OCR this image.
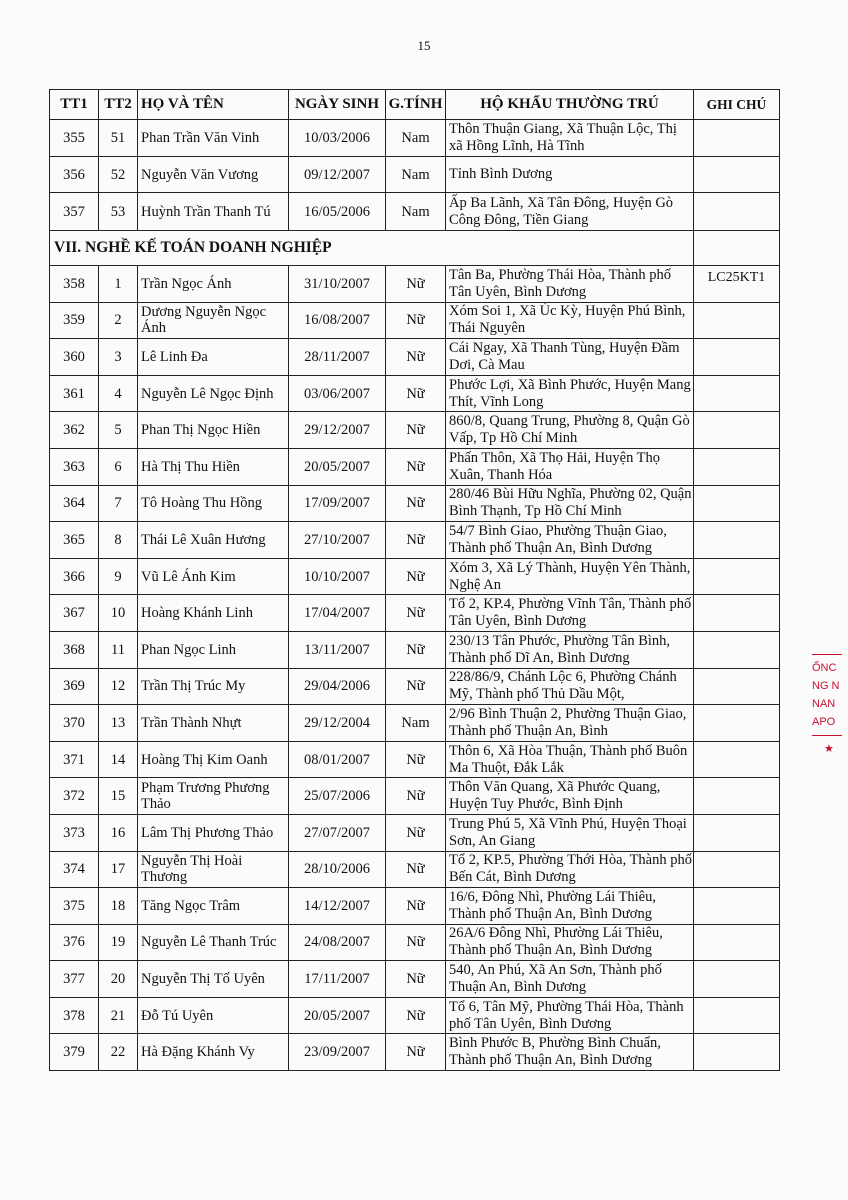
15
TT1	TT2	HỌ VÀ TÊN	NGÀY SINH	G.TÍNH	HỘ KHẨU THƯỜNG TRÚ	GHI CHÚ
355	51	Phan Trần Văn Vinh	10/03/2006	Nam	Thôn Thuận Giang, Xã Thuận Lộc, Thị xã Hồng Lĩnh, Hà Tĩnh	
356	52	Nguyễn Văn Vương	09/12/2007	Nam	Tỉnh Bình Dương	
357	53	Huỳnh Trần Thanh Tú	16/05/2006	Nam	Ấp Ba Lãnh, Xã Tân Đông, Huyện Gò Công Đông, Tiền Giang	
VII. NGHỀ KẾ TOÁN DOANH NGHIỆP						
358	1	Trần Ngọc Ánh	31/10/2007	Nữ	Tân Ba, Phường Thái Hòa, Thành phố Tân Uyên, Bình Dương	LC25KT1
359	2	Dương Nguyễn Ngọc Ánh	16/08/2007	Nữ	Xóm Soi 1, Xã Úc Kỳ, Huyện Phú Bình, Thái Nguyên	
360	3	Lê Linh Đa	28/11/2007	Nữ	Cái Ngay, Xã Thanh Tùng, Huyện Đầm Dơi, Cà Mau	
361	4	Nguyễn Lê Ngọc Định	03/06/2007	Nữ	Phước Lợi, Xã Bình Phước, Huyện Mang Thít, Vĩnh Long	
362	5	Phan Thị Ngọc Hiền	29/12/2007	Nữ	860/8, Quang Trung, Phường 8, Quận Gò Vấp, Tp Hồ Chí Minh	
363	6	Hà Thị Thu Hiền	20/05/2007	Nữ	Phấn Thôn, Xã Thọ Hải, Huyện Thọ Xuân, Thanh Hóa	
364	7	Tô Hoàng Thu Hồng	17/09/2007	Nữ	280/46 Bùi Hữu Nghĩa, Phường 02, Quận Bình Thạnh, Tp Hồ Chí Minh	
365	8	Thái Lê Xuân Hương	27/10/2007	Nữ	54/7 Bình Giao, Phường Thuận Giao, Thành phố Thuận An, Bình Dương	
366	9	Vũ Lê Ánh Kim	10/10/2007	Nữ	Xóm 3, Xã Lý Thành, Huyện Yên Thành, Nghệ An	
367	10	Hoàng Khánh Linh	17/04/2007	Nữ	Tổ 2, KP.4, Phường Vĩnh Tân, Thành phố Tân Uyên, Bình Dương	
368	11	Phan Ngọc Linh	13/11/2007	Nữ	230/13 Tân Phước, Phường Tân Bình, Thành phố Dĩ An, Bình Dương	
369	12	Trần Thị Trúc My	29/04/2006	Nữ	228/86/9, Chánh Lộc 6, Phường Chánh Mỹ, Thành phố Thủ Dầu Một,	
370	13	Trần Thành Nhựt	29/12/2004	Nam	2/96 Bình Thuận 2, Phường Thuận Giao, Thành phố Thuận An, Bình	
371	14	Hoàng Thị Kim Oanh	08/01/2007	Nữ	Thôn 6, Xã Hòa Thuận, Thành phố Buôn Ma Thuột, Đắk Lắk	
372	15	Phạm Trương Phương Thảo	25/07/2006	Nữ	Thôn Văn Quang, Xã Phước Quang, Huyện Tuy Phước, Bình Định	
373	16	Lâm Thị Phương Thảo	27/07/2007	Nữ	Trung Phú 5, Xã Vĩnh Phú, Huyện Thoại Sơn, An Giang	
374	17	Nguyễn Thị Hoài Thương	28/10/2006	Nữ	Tổ 2, KP.5, Phường Thới Hòa, Thành phố Bến Cát, Bình Dương	
375	18	Tăng Ngọc Trâm	14/12/2007	Nữ	16/6, Đông Nhì, Phường Lái Thiêu, Thành phố Thuận An, Bình Dương	
376	19	Nguyễn Lê Thanh Trúc	24/08/2007	Nữ	26A/6 Đông Nhì, Phường Lái Thiêu, Thành phố Thuận An, Bình Dương	
377	20	Nguyễn Thị Tố Uyên	17/11/2007	Nữ	540, An Phú, Xã An Sơn, Thành phố Thuận An, Bình Dương	
378	21	Đỗ Tú Uyên	20/05/2007	Nữ	Tổ 6, Tân Mỹ, Phường Thái Hòa, Thành phố Tân Uyên, Bình Dương	
379	22	Hà Đặng Khánh Vy	23/09/2007	Nữ	Bình Phước B, Phường Bình Chuẩn, Thành phố Thuận An, Bình Dương	
ỐNC
NG N
NAN
APO
★
